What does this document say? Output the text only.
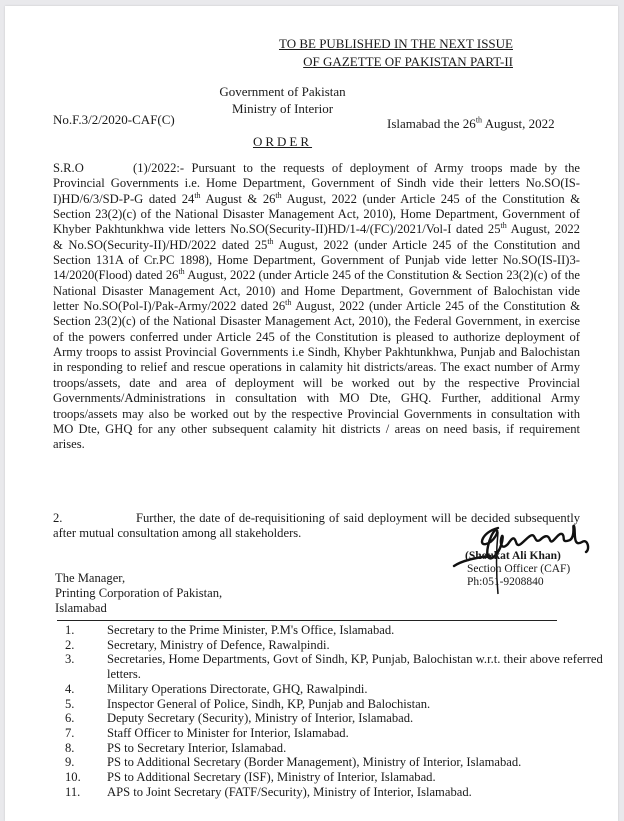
TO BE PUBLISHED IN THE NEXT ISSUE
OF GAZETTE OF PAKISTAN PART-II
Government of Pakistan
Ministry of Interior
No.F.3/2/2020-CAF(C)	Islamabad the 26th August, 2022
ORDER
S.R.O	(1)/2022:- Pursuant to the requests of deployment of Army troops made by the Provincial Governments i.e. Home Department, Government of Sindh vide their letters No.SO(IS-I)HD/6/3/SD-P-G dated 24th August & 26th August, 2022 (under Article 245 of the Constitution & Section 23(2)(c) of the National Disaster Management Act, 2010), Home Department, Government of Khyber Pakhtunkhwa vide letters No.SO(Security-II)HD/1-4/(FC)/2021/Vol-I dated 25th August, 2022 & No.SO(Security-II)/HD/2022 dated 25th August, 2022 (under Article 245 of the Constitution and Section 131A of Cr.PC 1898), Home Department, Government of Punjab vide letter No.SO(IS-II)3-14/2020(Flood) dated 26th August, 2022 (under Article 245 of the Constitution & Section 23(2)(c) of the National Disaster Management Act, 2010) and Home Department, Government of Balochistan vide letter No.SO(Pol-I)/Pak-Army/2022 dated 26th August, 2022 (under Article 245 of the Constitution & Section 23(2)(c) of the National Disaster Management Act, 2010), the Federal Government, in exercise of the powers conferred under Article 245 of the Constitution is pleased to authorize deployment of Army troops to assist Provincial Governments i.e Sindh, Khyber Pakhtunkhwa, Punjab and Balochistan in responding to relief and rescue operations in calamity hit districts/areas. The exact number of Army troops/assets, date and area of deployment will be worked out by the respective Provincial Governments/Administrations in consultation with MO Dte, GHQ. Further, additional Army troops/assets may also be worked out by the respective Provincial Governments in consultation with MO Dte, GHQ for any other subsequent calamity hit districts / areas on need basis, if requirement arises.
2.	Further, the date of de-requisitioning of said deployment will be decided subsequently after mutual consultation among all stakeholders.
(Shoukat Ali Khan)
Section Officer (CAF)
Ph:051-9208840
The Manager,
Printing Corporation of Pakistan,
Islamabad
1.	Secretary to the Prime Minister, P.M's Office, Islamabad.
2.	Secretary, Ministry of Defence, Rawalpindi.
3.	Secretaries, Home Departments, Govt of Sindh, KP, Punjab, Balochistan w.r.t. their above referred letters.
4.	Military Operations Directorate, GHQ, Rawalpindi.
5.	Inspector General of Police, Sindh, KP, Punjab and Balochistan.
6.	Deputy Secretary (Security), Ministry of Interior, Islamabad.
7.	Staff Officer to Minister for Interior, Islamabad.
8.	PS to Secretary Interior, Islamabad.
9.	PS to Additional Secretary (Border Management), Ministry of Interior, Islamabad.
10.	PS to Additional Secretary (ISF), Ministry of Interior, Islamabad.
11.	APS to Joint Secretary (FATF/Security), Ministry of Interior, Islamabad.
